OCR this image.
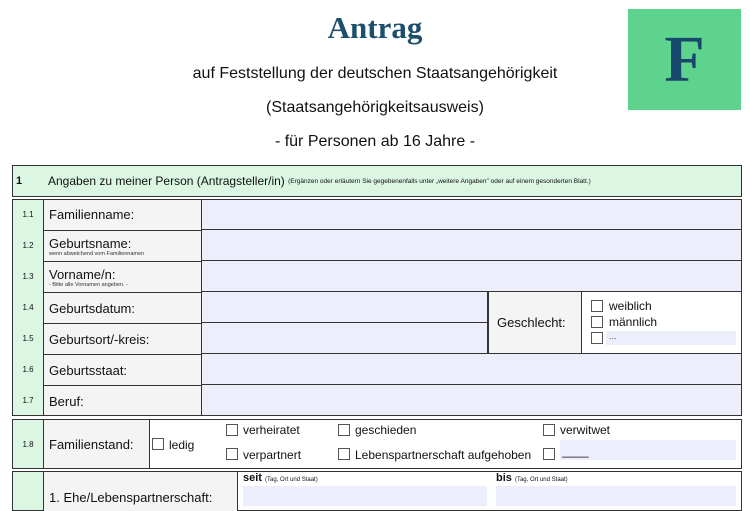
Antrag
auf Feststellung der deutschen Staatsangehörigkeit
(Staatsangehörigkeitsausweis)
- für Personen ab 16 Jahre -
F
1	Angaben zu meiner Person (Antragsteller/in)
(Ergänzen oder erläutern Sie gegebenenfalls unter „weitere Angaben" oder auf einem gesonderten Blatt.)
Geschlecht:
weiblich
männlich
...
1.1	Familienname:
1.2	Geburtsname:
wenn abweichend vom Familiennamen
1.3	Vorname/n:
- Bitte alle Vornamen angeben. -
1.4	Geburtsdatum:
1.5	Geburtsort/-kreis:
1.6	Geburtsstaat:
1.7	Beruf:
1.8	Familienstand:	ledig
verheiratet	geschieden	verwitwet
verpartnert	Lebenspartnerschaft aufgehoben	____
1. Ehe/Lebenspartnerschaft:
seit (Tag, Ort und Staat)	bis (Tag, Ort und Staat)
